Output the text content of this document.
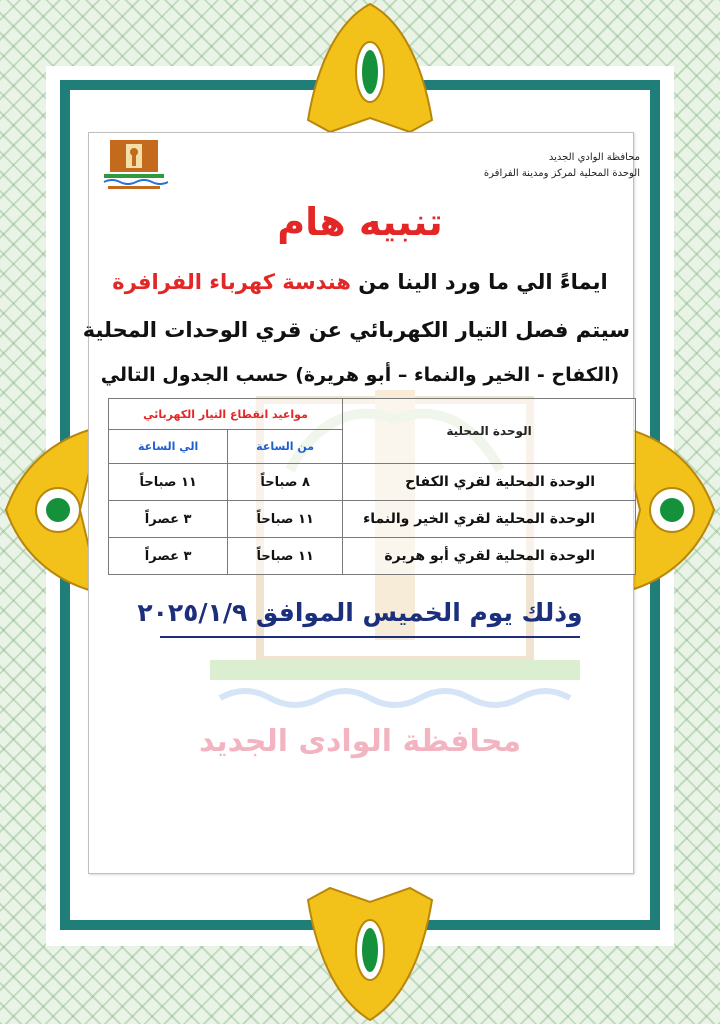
محافظة الوادى الجديد
محافظة الوادي الجديد
الوحدة المحلية لمركز ومدينة الفرافرة
تنبيه هام
ايماءً الي ما ورد الينا من هندسة كهرباء الفرافرة
سيتم فصل التيار الكهربائي عن قري الوحدات المحلية
(الكفاح - الخير والنماء – أبو هريرة) حسب الجدول التالي
الوحدة المحلية	مواعيد انقطاع التيار الكهربائي	
	من الساعة	الي الساعة
الوحدة المحلية لقري الكفاح	٨ صباحاً	١١ صباحاً
الوحدة المحلية لقري الخير والنماء	١١ صباحاً	٣ عصراً
الوحدة المحلية لقري أبو هريرة	١١ صباحاً	٣ عصراً
وذلك يوم الخميس الموافق ٢٠٢٥/١/٩
